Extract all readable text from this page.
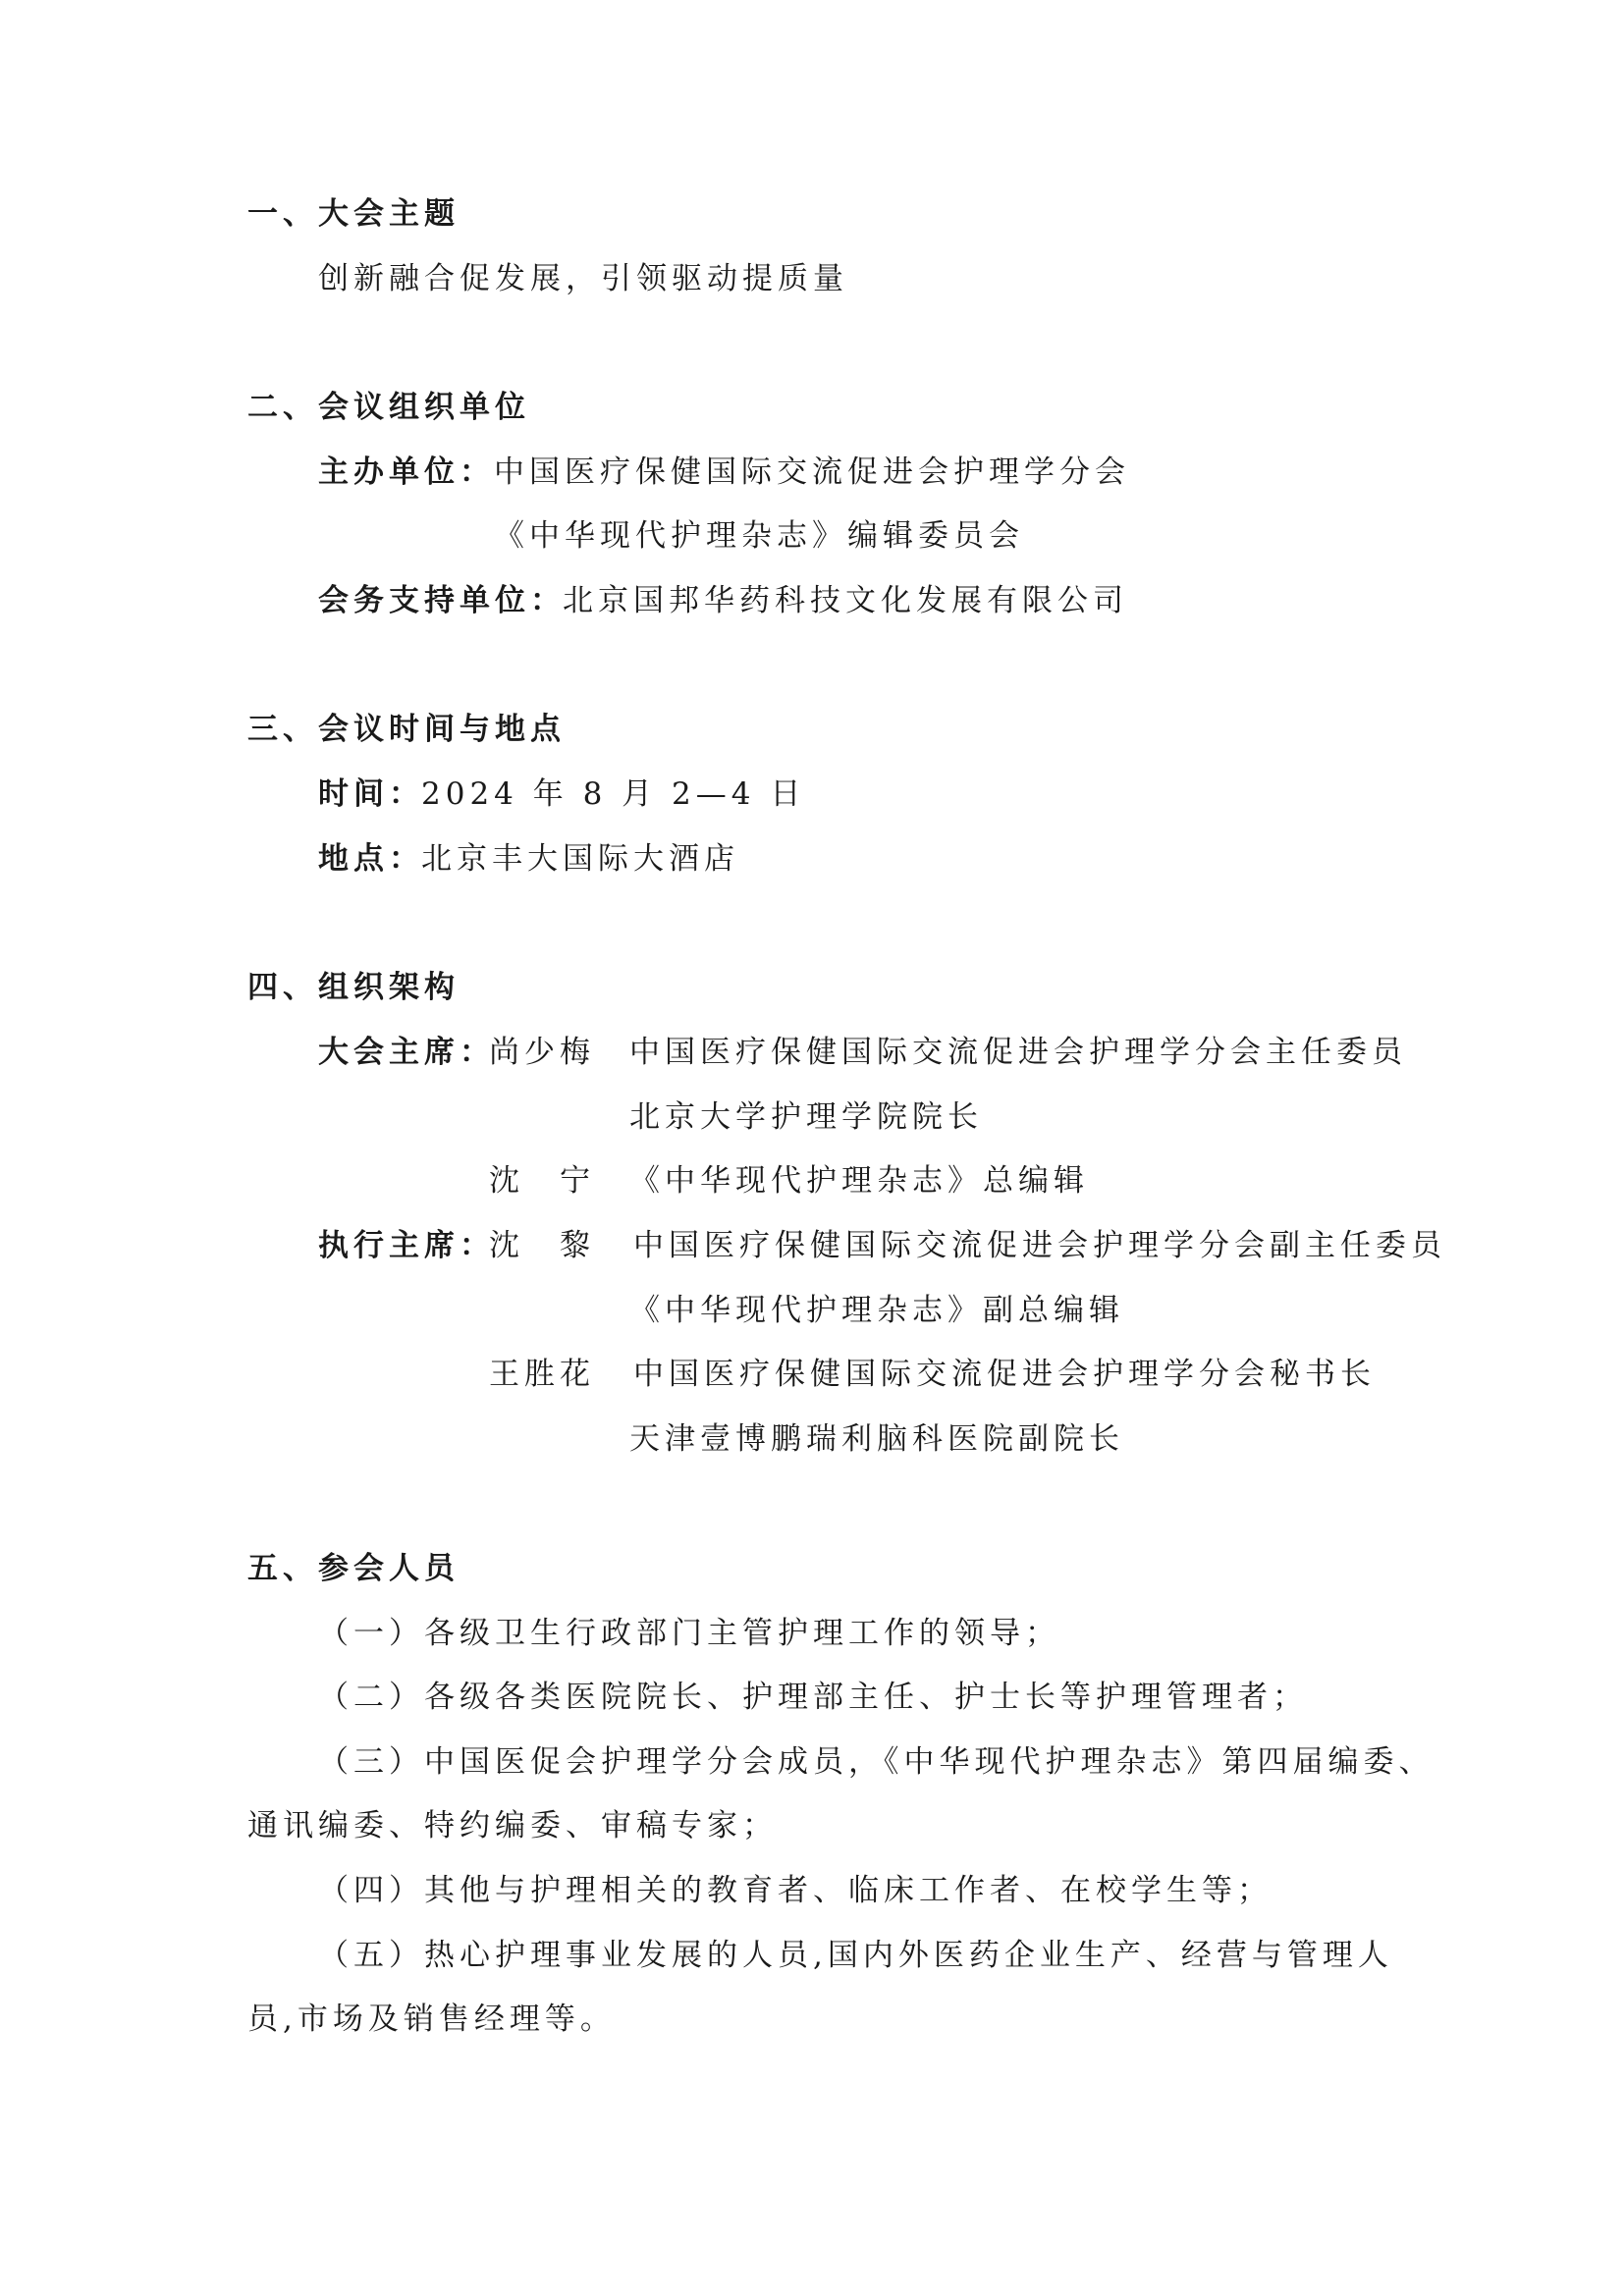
一、大会主题
创新融合促发展，引领驱动提质量
二、会议组织单位
主办单位： 中国医疗保健国际交流促进会护理学分会
《中华现代护理杂志》编辑委员会
会务支持单位：
北京国邦华药科技文化发展有限公司
三、会议时间与地点
时间：
2024 年 8 月 2—4 日
地点：
北京丰大国际大酒店
四、组织架构
大会主席：
尚少梅 中国医疗保健国际交流促进会护理学分会主任委员
北京大学护理学院院长
沈　宁 《中华现代护理杂志》总编辑
执行主席：
沈　黎 中国医疗保健国际交流促进会护理学分会副主任委员
《中华现代护理杂志》副总编辑
王胜花 中国医疗保健国际交流促进会护理学分会秘书长
天津壹博鹏瑞利脑科医院副院长
五、参会人员
（一）各级卫生行政部门主管护理工作的领导；
（二）各级各类医院院长、护理部主任、护士长等护理管理者；
（三）中国医促会护理学分会成员，《中华现代护理杂志》第四届编委、
通讯编委、特约编委、审稿专家；
（四）其他与护理相关的教育者、临床工作者、在校学生等；
（五）热心护理事业发展的人员,国内外医药企业生产、经营与管理人
员,市场及销售经理等。
